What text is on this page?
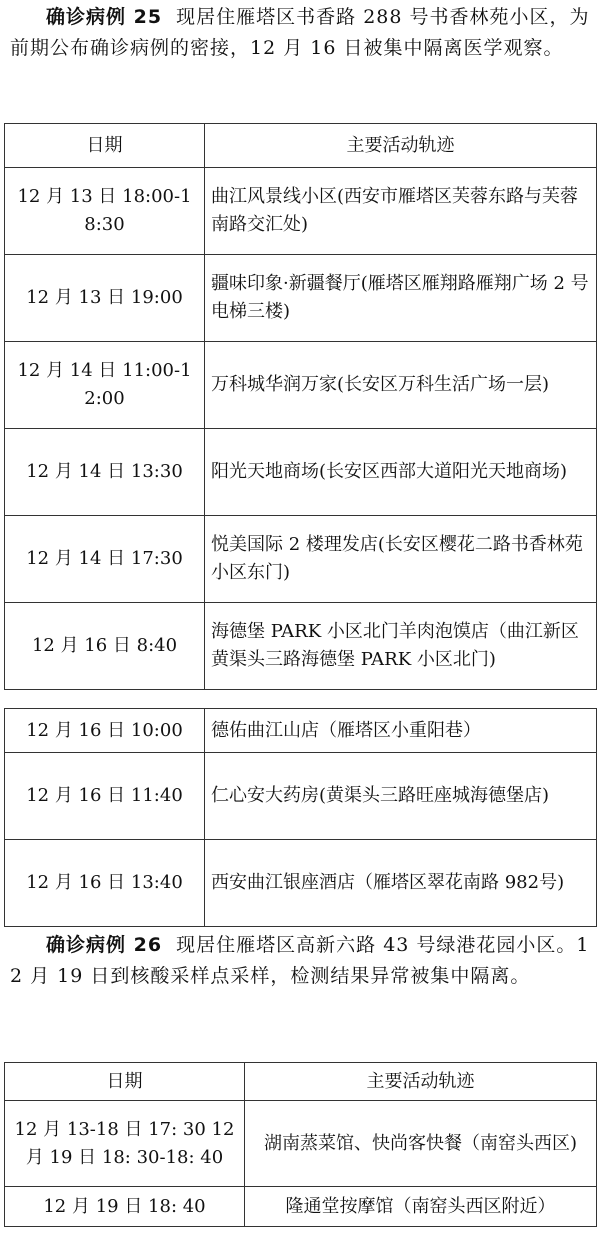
确诊病例 25 现居住雁塔区书香路 288 号书香林苑小区，为前期公布确诊病例的密接，12 月 16 日被集中隔离医学观察。
日期	主要活动轨迹
12 月 13 日 18:00-18:30	曲江风景线小区(西安市雁塔区芙蓉东路与芙蓉南路交汇处)
12 月 13 日 19:00	疆味印象·新疆餐厅(雁塔区雁翔路雁翔广场 2 号电梯三楼)
12 月 14 日 11:00-12:00	万科城华润万家(长安区万科生活广场一层)
12 月 14 日 13:30	阳光天地商场(长安区西部大道阳光天地商场)
12 月 14 日 17:30	悦美国际 2 楼理发店(长安区樱花二路书香林苑小区东门)
12 月 16 日 8:40	海德堡 PARK 小区北门羊肉泡馍店（曲江新区黄渠头三路海德堡 PARK 小区北门)
12 月 16 日 10:00	德佑曲江山店（雁塔区小重阳巷）
12 月 16 日 11:40	仁心安大药房(黄渠头三路旺座城海德堡店)
12 月 16 日 13:40	西安曲江银座酒店（雁塔区翠花南路 982号)
确诊病例 26 现居住雁塔区高新六路 43 号绿港花园小区。12 月 19 日到核酸采样点采样，检测结果异常被集中隔离。
日期	主要活动轨迹
12 月 13-18 日 17: 30 12 月 19 日 18: 30-18: 40	湖南蒸菜馆、快尚客快餐（南窑头西区)
12 月 19 日 18: 40	隆通堂按摩馆（南窑头西区附近）
